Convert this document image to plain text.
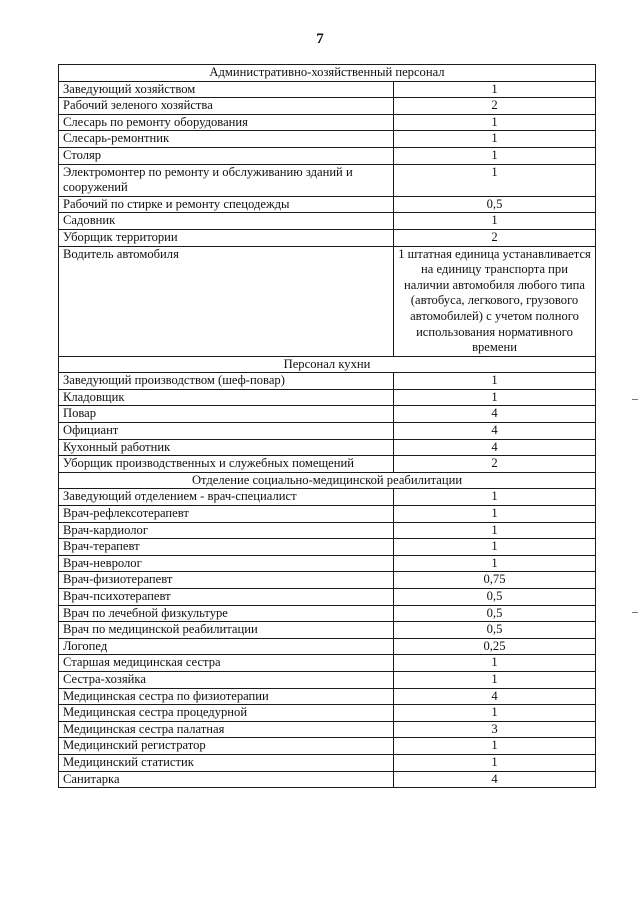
7
Административно-хозяйственный персонал	
Заведующий хозяйством	1
Рабочий зеленого хозяйства	2
Слесарь по ремонту оборудования	1
Слесарь-ремонтник	1
Столяр	1
Электромонтер по ремонту и обслуживанию зданий и сооружений	1
Рабочий по стирке и ремонту спецодежды	0,5
Садовник	1
Уборщик территории	2
Водитель автомобиля	1 штатная единица устанавливается на единицу транспорта при наличии автомобиля любого типа (автобуса, легкового, грузового автомобилей) с учетом полного использования нормативного времени
Персонал кухни	
Заведующий производством (шеф-повар)	1
Кладовщик	1
Повар	4
Официант	4
Кухонный работник	4
Уборщик производственных и служебных помещений	2
Отделение социально-медицинской реабилитации	
Заведующий отделением - врач-специалист	1
Врач-рефлексотерапевт	1
Врач-кардиолог	1
Врач-терапевт	1
Врач-невролог	1
Врач-физиотерапевт	0,75
Врач-психотерапевт	0,5
Врач по лечебной физкультуре	0,5
Врач по медицинской реабилитации	0,5
Логопед	0,25
Старшая медицинская сестра	1
Сестра-хозяйка	1
Медицинская сестра по физиотерапии	4
Медицинская сестра процедурной	1
Медицинская сестра палатная	3
Медицинский регистратор	1
Медицинский статистик	1
Санитарка	4
